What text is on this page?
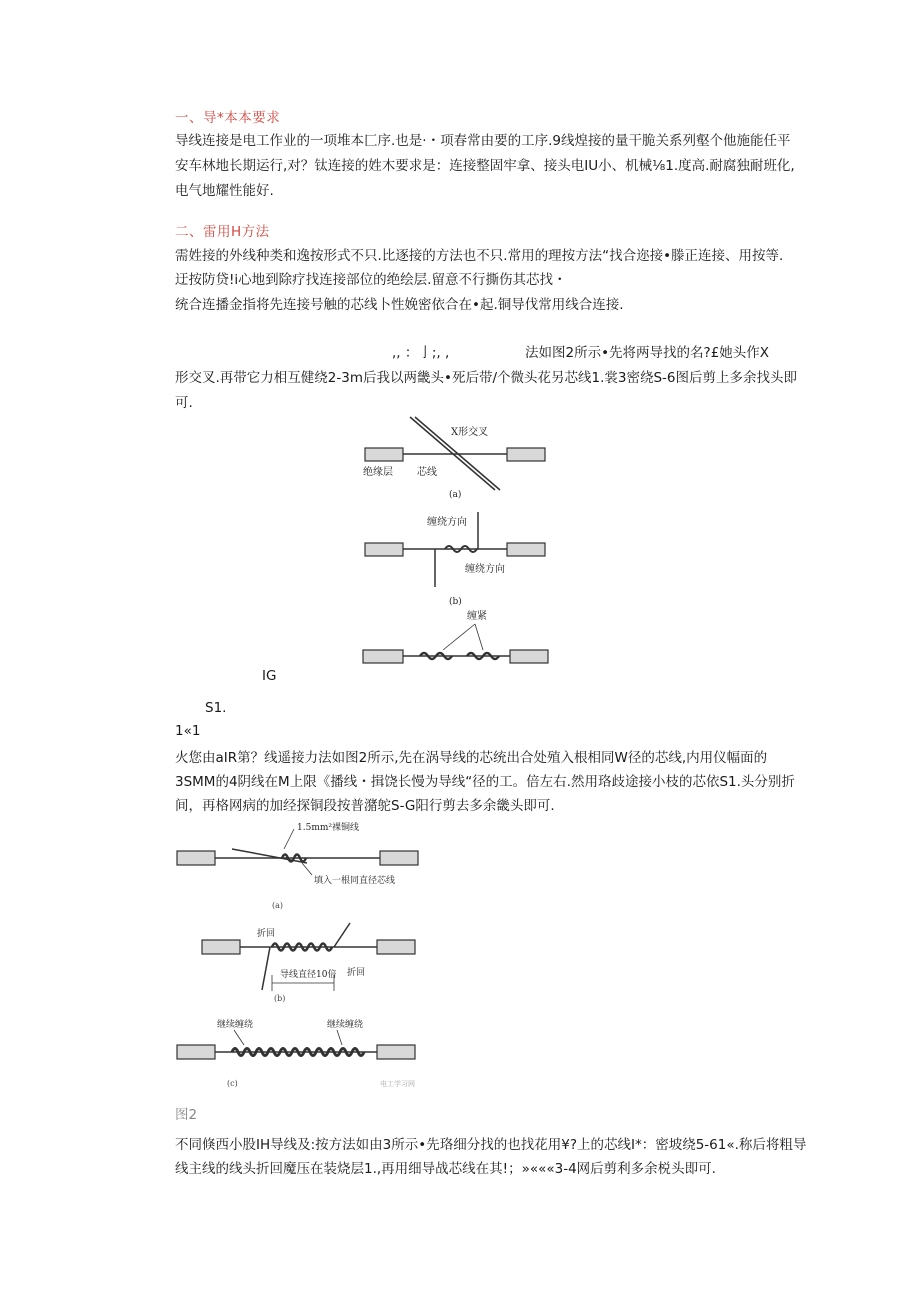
一、导*本本要求
导线连接是电工作业的一项堆本匚序.也是·・项春常由要的工序.9线煌接的量干脆关系列壑个他施能任平
安车林地长期运行,对？钛连接的姓木要求是：连接整固牢拿、接头电IU小、机械⅛1.度高.耐腐独耐班化,
电气地耀性能好.
二、雷用H方法
需姓接的外线种类和逸按形式不只.比逐接的方法也不只.常用的理按方法“找合迩接•滕正连接、用按等.
迂按防贷!i心地到除疗找连接部位的绝绘层.留意不行撕伤其芯找・
统合连播金指将先连接号触的芯线卜性娩密依合在•起.铜导伐常用线合连接.
,, ：亅;, ,	法如图2所示•先将两导找的名?£她头作X
形交叉.再带它力相互健绕2-3m后我以两畿头•死后带/个微头花另芯线1.裳3密绕S-6图后剪上多余找头即
可.
X形交叉
绝缘层 芯线
(a)
缠绕方向
缠绕方向
(b)
缠紧
IG
S1.
1«1
火您由aIR第？线遥接力法如图2所示,先在涡导线的芯统出合处殖入根相同W径的芯线,内用仪幅面的
3SMM的4阴线在M上限《播线・揖饶长慢为导线“径的工。倍左右.然用珞歧途接小枝的芯依S1.头分别折
间，再格网病的加经探铜段按普潴鸵S-G阳行剪去多余畿头即可.
1.5mm²裸铜线
填入一根同直径芯线
(a)
折回
折回
导线直径10倍
(b)
继续缠绕	继续缠绕
(c)	电工学习网
图2
不同倏西小股IH导线及:按方法如由3所示•先珞细分找的也找花用¥?上的芯线I*：密坡绕5-61«.称后将粗导
线主线的线头折回魔压在装烧层1.,再用细导战芯线在其!；»«««3-4网后剪利多余棁头即可.
